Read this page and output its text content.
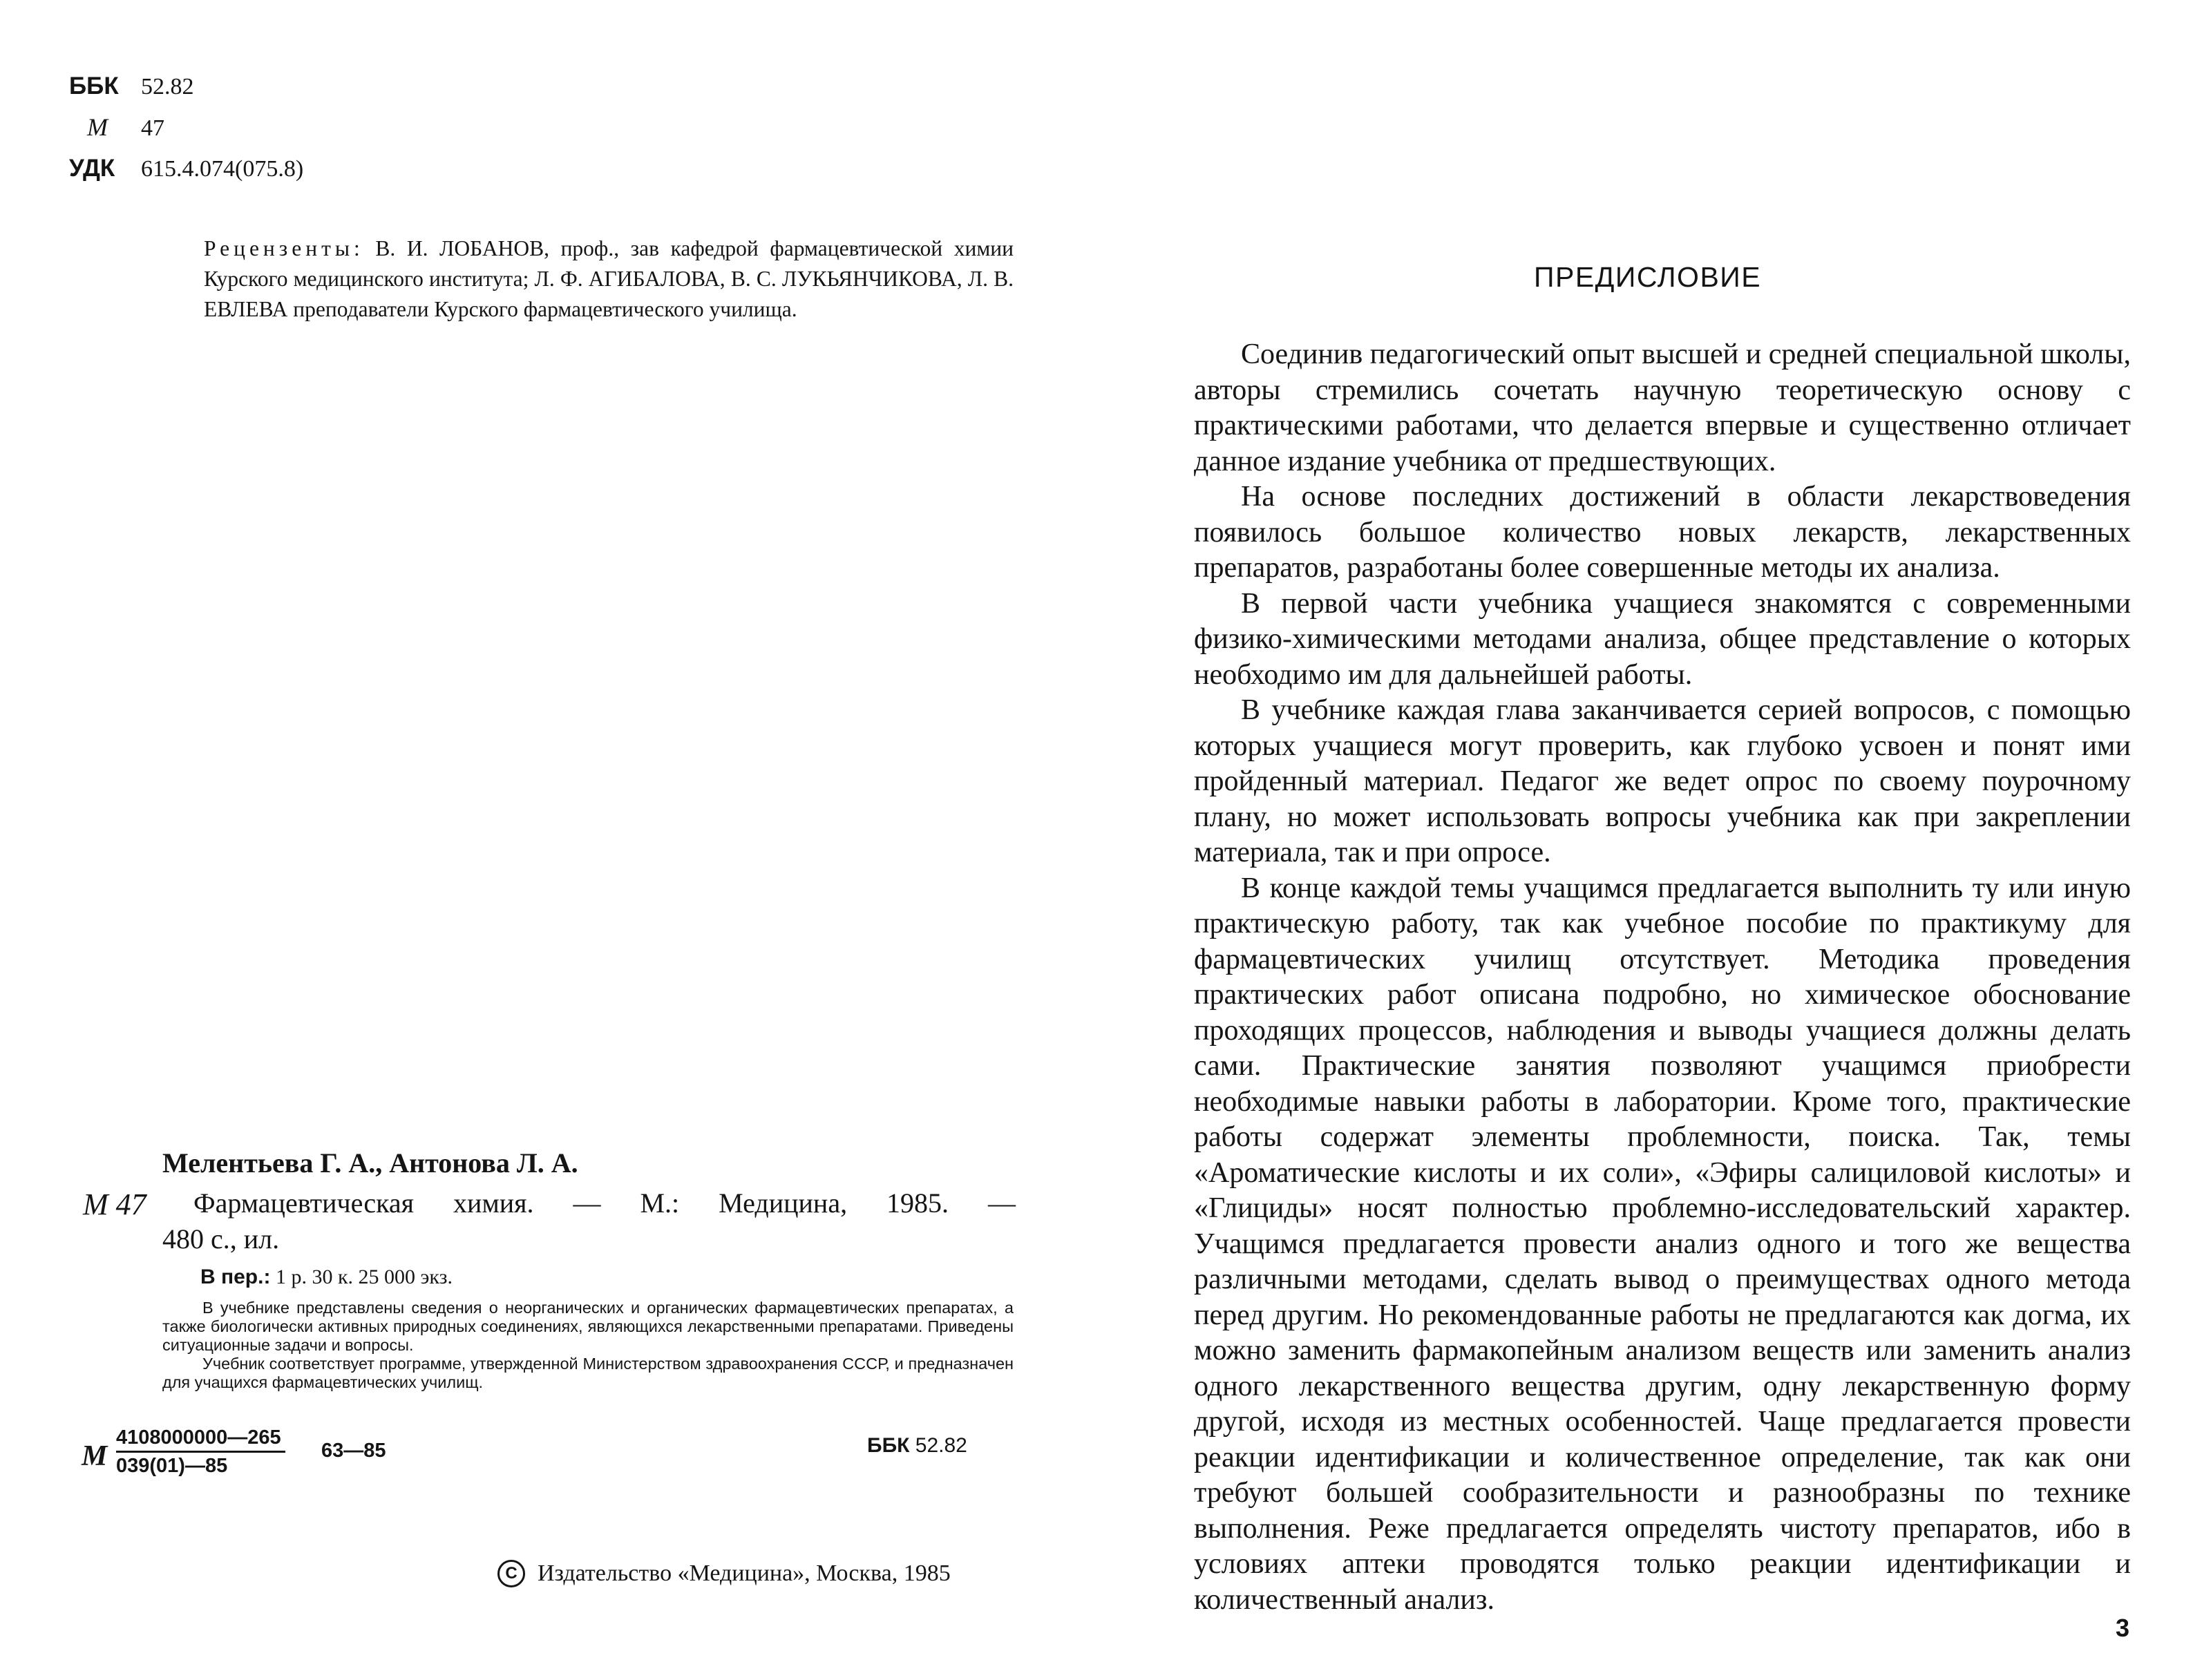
ББК 52.82
М 47
УДК 615.4.074(075.8)
Рецензенты: В. И. ЛОБАНОВ, проф., зав кафедрой фармацевтической химии Курского медицинского института; Л. Ф. АГИБАЛОВА, В. С. ЛУКЬЯНЧИКОВА, Л. В. ЕВЛЕВА преподаватели Курского фармацевтического училища.
Мелентьева Г. А., Антонова Л. А.
М 47 Фармацевтическая химия. — М.: Медицина, 1985. —
480 с., ил.
В пер.: 1 р. 30 к. 25 000 экз.

В учебнике представлены сведения о неорганических и органических фармацевтических препаратах, а также биологически активных природных соединениях, являющихся лекарственными препаратами. Приведены ситуационные задачи и вопросы.

Учебник соответствует программе, утвержденной Министерством здравоохранения СССР, и предназначен для учащихся фармацевтических училищ.

М $\frac{4108000000—265}{039(01)—85}$ 63—85	ББК 52.82
C Издательство «Медицина», Москва, 1985
ПРЕДИСЛОВИЕ

Соединив педагогический опыт высшей и средней специальной школы, авторы стремились сочетать научную теоретическую основу с практическими работами, что делается впервые и существенно отличает данное издание учебника от предшествующих.

На основе последних достижений в области лекарствоведения появилось большое количество новых лекарств, лекарственных препаратов, разработаны более совершенные методы их анализа.

В первой части учебника учащиеся знакомятся с современными физико-химическими методами анализа, общее представление о которых необходимо им для дальнейшей работы.

В учебнике каждая глава заканчивается серией вопросов, с помощью которых учащиеся могут проверить, как глубоко усвоен и понят ими пройденный материал. Педагог же ведет опрос по своему поурочному плану, но может использовать вопросы учебника как при закреплении материала, так и при опросе.

В конце каждой темы учащимся предлагается выполнить ту или иную практическую работу, так как учебное пособие по практикуму для фармацевтических училищ отсутствует. Методика проведения практических работ описана подробно, но химическое обоснование проходящих процессов, наблюдения и выводы учащиеся должны делать сами. Практические занятия позволяют учащимся приобрести необходимые навыки работы в лаборатории. Кроме того, практические работы содержат элементы проблемности, поиска. Так, темы «Ароматические кислоты и их соли», «Эфиры салициловой кислоты» и «Глициды» носят полностью проблемно-исследовательский характер. Учащимся предлагается провести анализ одного и того же вещества различными методами, сделать вывод о преимуществах одного метода перед другим. Но рекомендованные работы не предлагаются как догма, их можно заменить фармакопейным анализом веществ или заменить анализ одного лекарственного вещества другим, одну лекарственную форму другой, исходя из местных особенностей. Чаще предлагается провести реакции идентификации и количественное определение, так как они требуют большей сообразительности и разнообразны по технике выполнения. Реже предлагается определять чистоту препаратов, ибо в условиях аптеки проводятся только реакции идентификации и количественный анализ.

3
